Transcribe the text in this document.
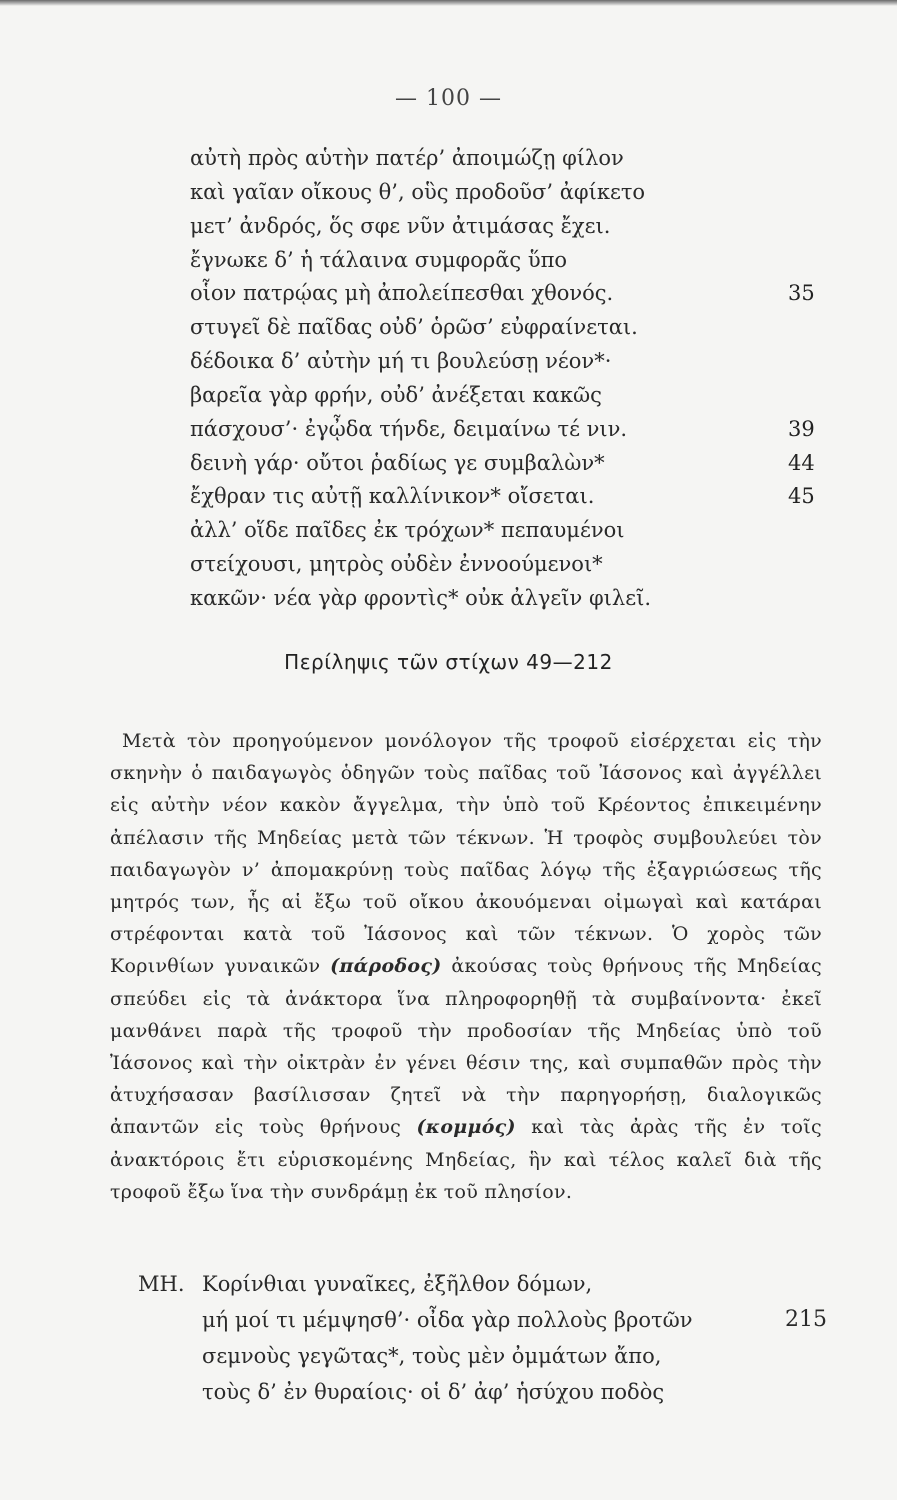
— 100 —
αὐτὴ πρὸς αὑτὴν πατέρ’ ἀποιμώζῃ φίλον
καὶ γαῖαν οἴκους θ’, οὓς προδοῦσ’ ἀφίκετο
μετ’ ἀνδρός, ὅς σφε νῦν ἀτιμάσας ἔχει.
ἔγνωκε δ’ ἡ τάλαινα συμφορᾶς ὕπο
οἷον πατρῴας μὴ ἀπολείπεσθαι χθονός.	35
στυγεῖ δὲ παῖδας οὐδ’ ὁρῶσ’ εὐφραίνεται.
δέδοικα δ’ αὐτὴν μή τι βουλεύσῃ νέον*·
βαρεῖα γὰρ φρήν, οὐδ’ ἀνέξεται κακῶς
πάσχουσ’· ἐγᾦδα τήνδε, δειμαίνω τέ νιν.	39
δεινὴ γάρ· οὔτοι ῥαδίως γε συμβαλὼν*	44
ἔχθραν τις αὐτῇ καλλίνικον* οἴσεται.	45
ἀλλ’ οἵδε παῖδες ἐκ τρόχων* πεπαυμένοι
στείχουσι, μητρὸς οὐδὲν ἐννοούμενοι*
κακῶν· νέα γὰρ φροντὶς* οὐκ ἀλγεῖν φιλεῖ.
Περίληψις τῶν στίχων 49—212

Μετὰ τὸν προηγούμενον μονόλογον τῆς τροφοῦ εἰσέρχεται εἰς τὴν σκηνὴν ὁ παιδαγωγὸς ὁδηγῶν τοὺς παῖδας τοῦ Ἰάσονος καὶ ἀγγέλλει εἰς αὐτὴν νέον κακὸν ἄγγελμα, τὴν ὑπὸ τοῦ Κρέοντος ἐπικειμένην ἀπέλασιν τῆς Μηδείας μετὰ τῶν τέκνων. Ἡ τροφὸς συμβουλεύει τὸν παιδαγωγὸν ν’ ἀπομακρύνῃ τοὺς παῖδας λόγῳ τῆς ἐξαγριώσεως τῆς μητρός των, ἧς αἱ ἔξω τοῦ οἴκου ἀκουόμεναι οἰμωγαὶ καὶ κατάραι στρέφονται κατὰ τοῦ Ἰάσονος καὶ τῶν τέκνων. Ὁ χορὸς τῶν Κορινθίων γυναικῶν (πάροδος) ἀκούσας τοὺς θρήνους τῆς Μηδείας σπεύδει εἰς τὰ ἀνάκτορα ἵνα πληροφορηθῇ τὰ συμβαίνοντα· ἐκεῖ μανθάνει παρὰ τῆς τροφοῦ τὴν προδοσίαν τῆς Μηδείας ὑπὸ τοῦ Ἰάσονος καὶ τὴν οἰκτρὰν ἐν γένει θέσιν της, καὶ συμπαθῶν πρὸς τὴν ἀτυχήσασαν βασίλισσαν ζητεῖ νὰ τὴν παρηγορήσῃ, διαλογικῶς ἀπαντῶν εἰς τοὺς θρήνους (κομμός) καὶ τὰς ἀρὰς τῆς ἐν τοῖς ἀνακτόροις ἔτι εὑρισκομένης Μηδείας, ἣν καὶ τέλος καλεῖ διὰ τῆς τροφοῦ ἔξω ἵνα τὴν συνδράμῃ ἐκ τοῦ πλησίον.

ΜΗ. Κορίνθιαι γυναῖκες, ἐξῆλθον δόμων,
μή μοί τι μέμψησθ’· οἶδα γὰρ πολλοὺς βροτῶν	215
σεμνοὺς γεγῶτας*, τοὺς μὲν ὀμμάτων ἄπο,
τοὺς δ’ ἐν θυραίοις· οἱ δ’ ἀφ’ ἡσύχου ποδὸς
